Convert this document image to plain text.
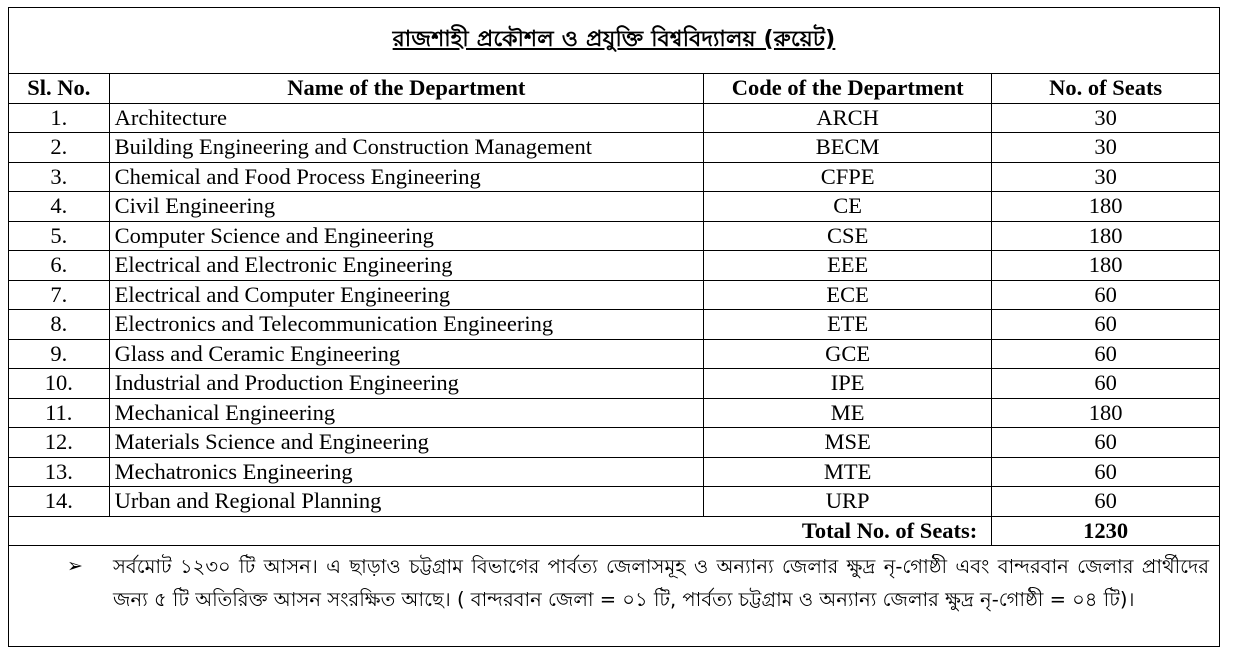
রাজশাহী প্রকৌশল ও প্রযুক্তি বিশ্ববিদ্যালয় (রুয়েট)
Sl. No.	Name of the Department	Code of the Department	No. of Seats
1.	Architecture	ARCH	30
2.	Building Engineering and Construction Management	BECM	30
3.	Chemical and Food Process Engineering	CFPE	30
4.	Civil Engineering	CE	180
5.	Computer Science and Engineering	CSE	180
6.	Electrical and Electronic Engineering	EEE	180
7.	Electrical and Computer Engineering	ECE	60
8.	Electronics and Telecommunication Engineering	ETE	60
9.	Glass and Ceramic Engineering	GCE	60
10.	Industrial and Production Engineering	IPE	60
11.	Mechanical Engineering	ME	180
12.	Materials Science and Engineering	MSE	60
13.	Mechatronics Engineering	MTE	60
14.	Urban and Regional Planning	URP	60
Total No. of Seats:			1230
➢ সর্বমোট ১২৩০ টি আসন। এ ছাড়াও চট্টগ্রাম বিভাগের পার্বত্য জেলাসমূহ ও অন্যান্য জেলার ক্ষুদ্র নৃ-গোষ্ঠী এবং বান্দরবান জেলার প্রার্থীদের জন্য ৫ টি অতিরিক্ত আসন সংরক্ষিত আছে। ( বান্দরবান জেলা = ০১ টি, পার্বত্য চট্টগ্রাম ও অন্যান্য জেলার ক্ষুদ্র নৃ-গোষ্ঠী = ০৪ টি)।
